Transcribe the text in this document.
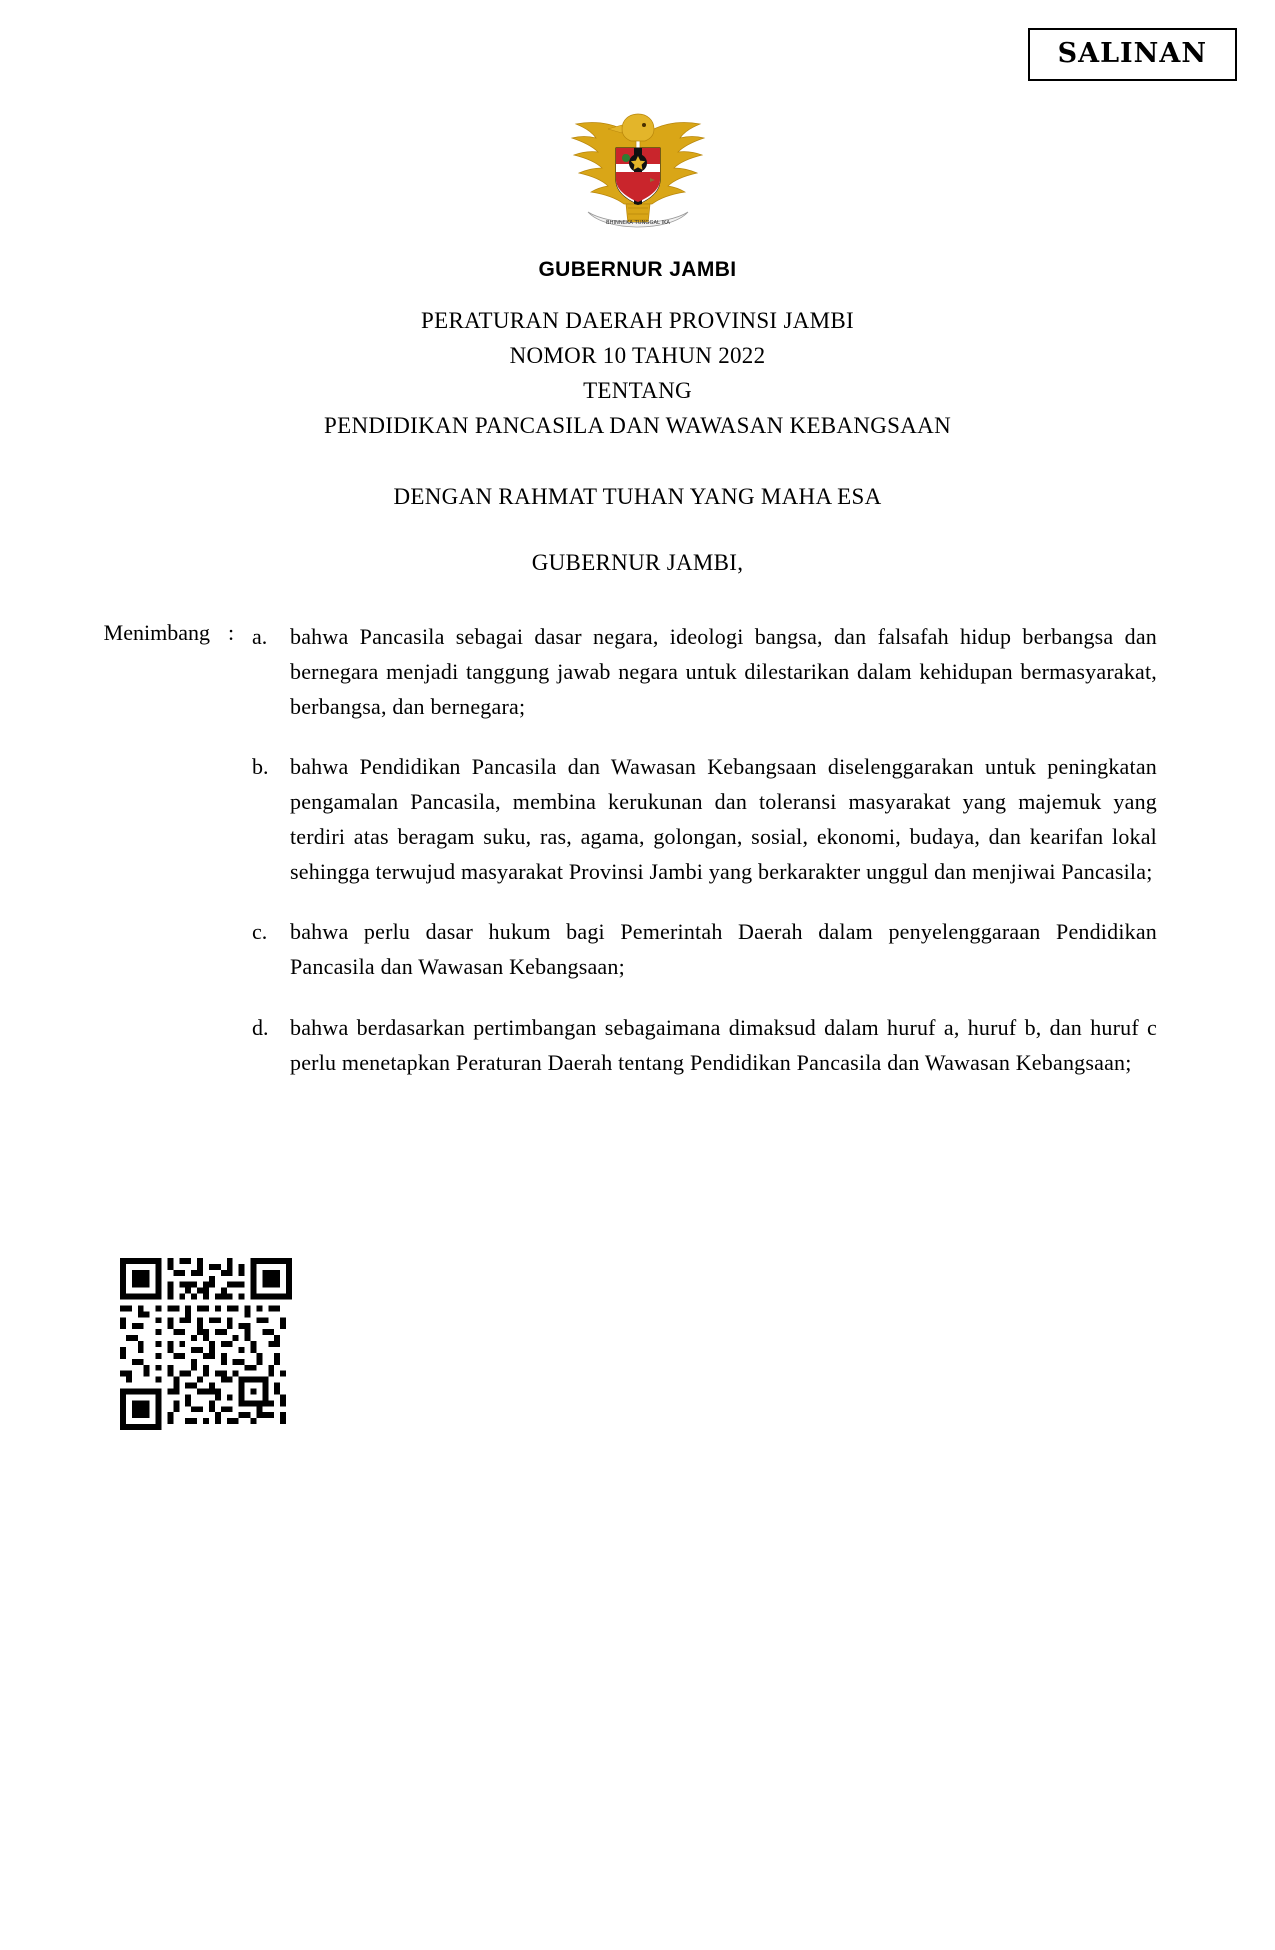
SALINAN
BHINNEKA TUNGGAL IKA
GUBERNUR JAMBI
PERATURAN DAERAH PROVINSI JAMBI
NOMOR 10 TAHUN 2022
TENTANG
PENDIDIKAN PANCASILA DAN WAWASAN KEBANGSAAN
DENGAN RAHMAT TUHAN YANG MAHA ESA
GUBERNUR JAMBI,
Menimbang : a.	bahwa Pancasila sebagai dasar negara, ideologi bangsa, dan falsafah hidup berbangsa dan bernegara menjadi tanggung jawab negara untuk dilestarikan dalam kehidupan bermasyarakat, berbangsa, dan bernegara;
b. bahwa Pendidikan Pancasila dan Wawasan Kebangsaan diselenggarakan untuk peningkatan pengamalan Pancasila, membina kerukunan dan toleransi masyarakat yang majemuk yang terdiri atas beragam suku, ras, agama, golongan, sosial, ekonomi, budaya, dan kearifan lokal sehingga terwujud masyarakat Provinsi Jambi yang berkarakter unggul dan menjiwai Pancasila;
c.	bahwa perlu dasar hukum bagi Pemerintah Daerah dalam penyelenggaraan Pendidikan Pancasila dan Wawasan Kebangsaan;
d. bahwa berdasarkan pertimbangan sebagaimana dimaksud dalam huruf a, huruf b, dan huruf c perlu menetapkan Peraturan Daerah tentang Pendidikan Pancasila dan Wawasan Kebangsaan;
